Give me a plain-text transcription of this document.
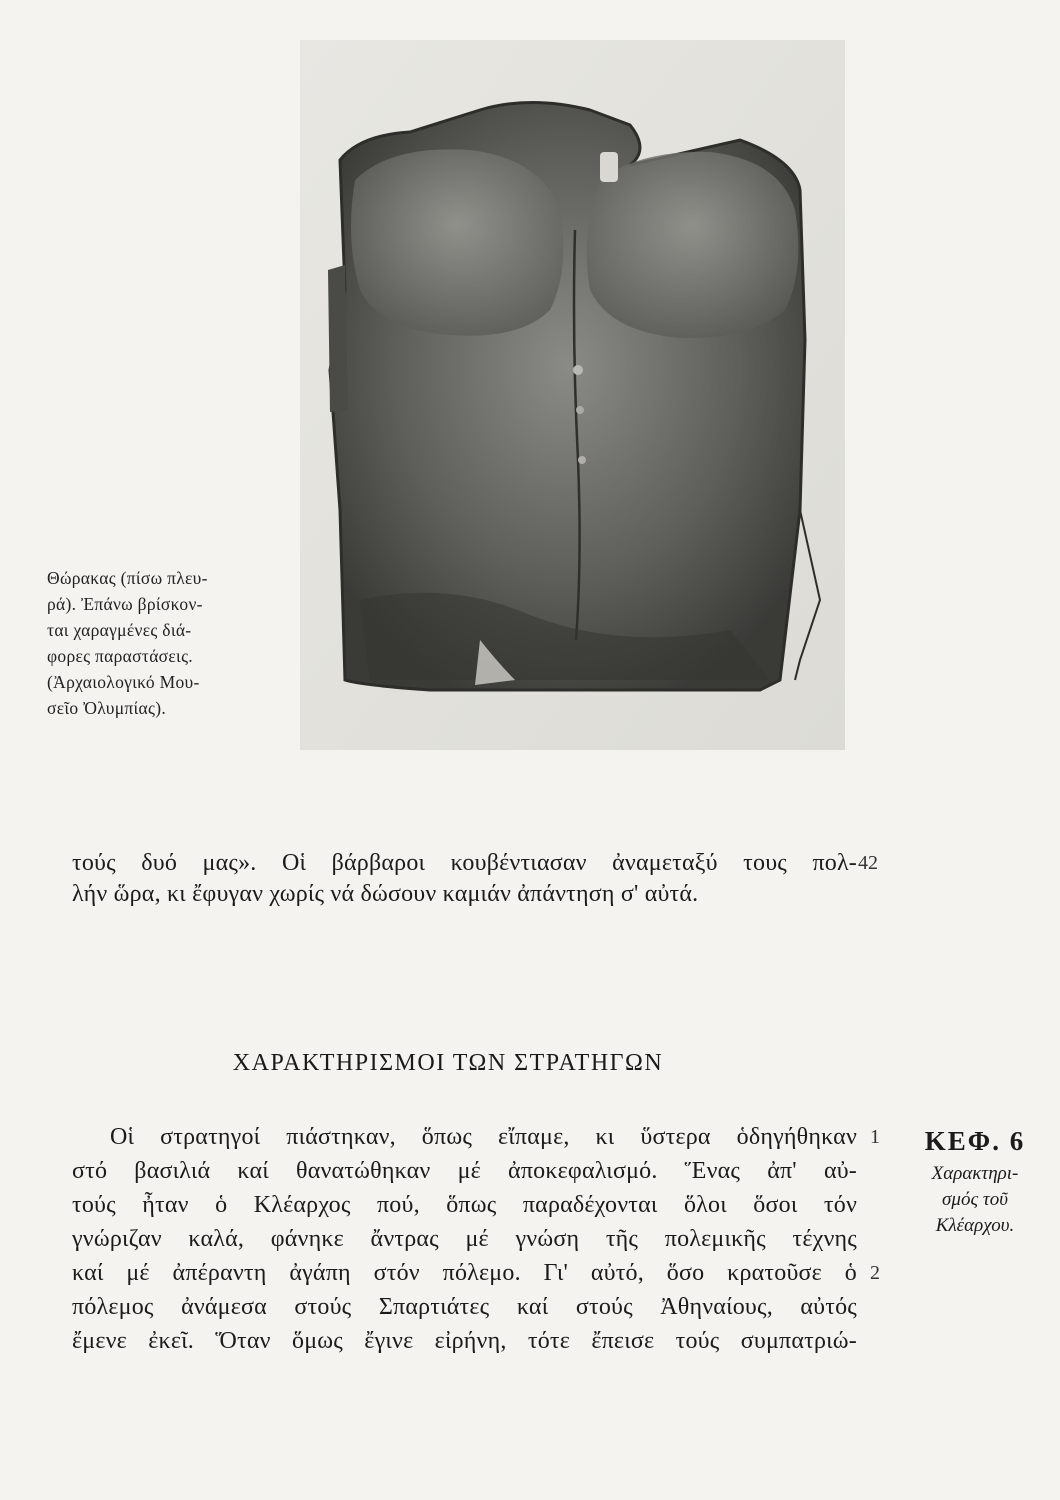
Θώρακας (πίσω πλευ-
ρά). Ἐπάνω βρίσκον-
ται χαραγμένες διά-
φορες παραστάσεις.
(Ἀρχαιολογικό Μου-
σεῖο Ὀλυμπίας).
τούς δυό μας». Οἱ βάρβαροι κουβέντιασαν ἀναμεταξύ τους πολ-
λήν ὥρα, κι ἔφυγαν χωρίς νά δώσουν καμιάν ἀπάντηση σ' αὐτά.
42
ΧΑΡΑΚΤΗΡΙΣΜΟΙ ΤΩΝ ΣΤΡΑΤΗΓΩΝ
ΚΕΦ. 6
Χαρακτηρι-
σμός τοῦ
Κλέαρχου.
Οἱ στρατηγοί πιάστηκαν, ὅπως εἴπαμε, κι ὕστερα ὁδηγήθηκαν
στό βασιλιά καί θανατώθηκαν μέ ἀποκεφαλισμό. Ἕνας ἀπ' αὐ-
τούς ἦταν ὁ Κλέαρχος πού, ὅπως παραδέχονται ὅλοι ὅσοι τόν
γνώριζαν καλά, φάνηκε ἄντρας μέ γνώση τῆς πολεμικῆς τέχνης
καί μέ ἀπέραντη ἀγάπη στόν πόλεμο. Γι' αὐτό, ὅσο κρατοῦσε ὁ
πόλεμος ἀνάμεσα στούς Σπαρτιάτες καί στούς Ἀθηναίους, αὐτός
ἔμενε ἐκεῖ. Ὅταν ὅμως ἔγινε εἰρήνη, τότε ἔπεισε τούς συμπατριώ-
1
2
